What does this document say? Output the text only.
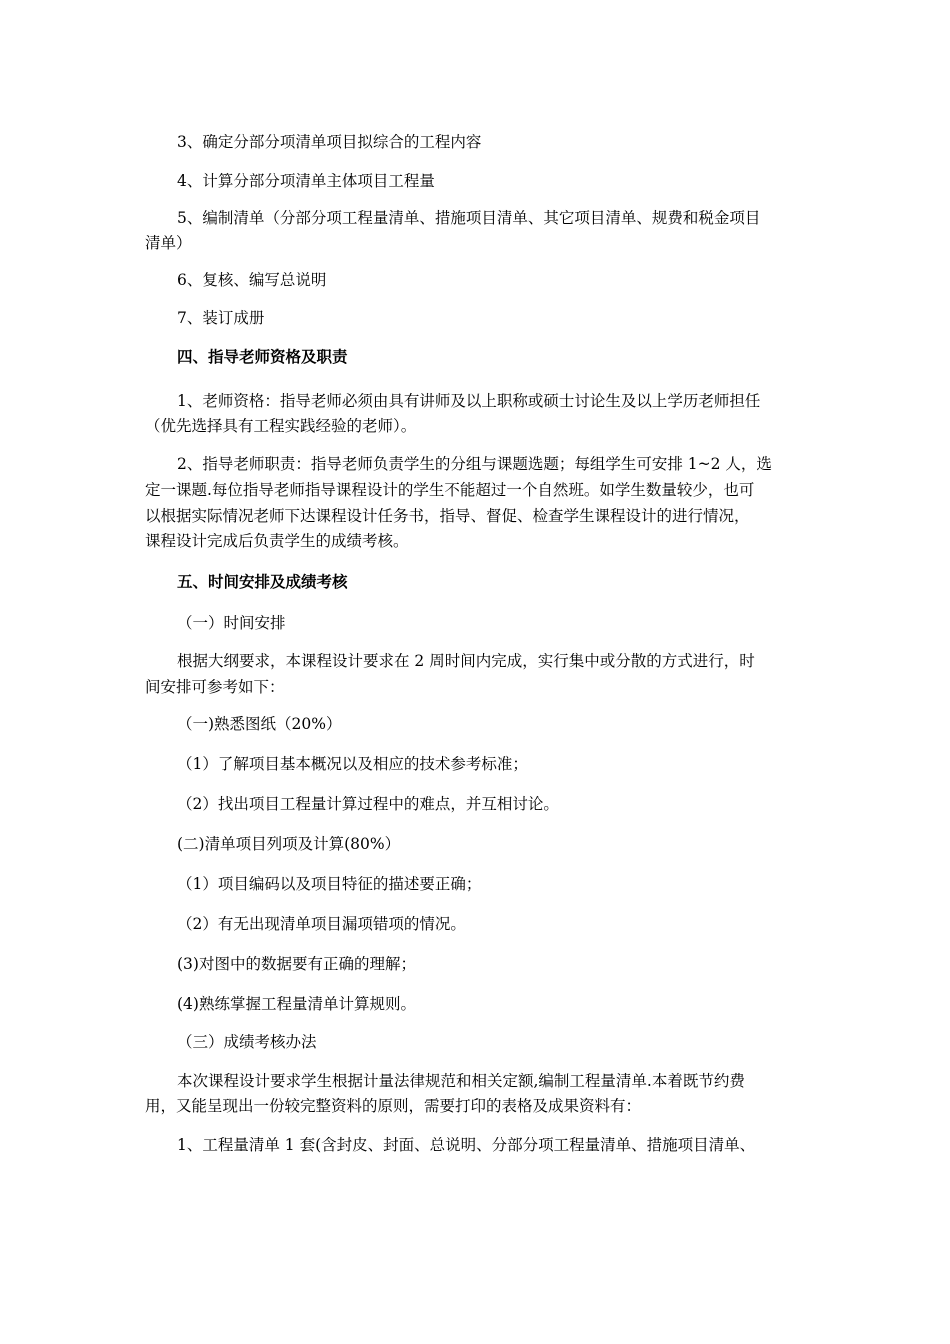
3、确定分部分项清单项目拟综合的工程内容
4、计算分部分项清单主体项目工程量
5、编制清单（分部分项工程量清单、措施项目清单、其它项目清单、规费和税金项目
清单）
6、复核、编写总说明
7、装订成册
四、指导老师资格及职责
1、老师资格：指导老师必须由具有讲师及以上职称或硕士讨论生及以上学历老师担任
（优先选择具有工程实践经验的老师）。
2、指导老师职责：指导老师负责学生的分组与课题选题；每组学生可安排 1~2 人，选
定一课题.每位指导老师指导课程设计的学生不能超过一个自然班。如学生数量较少，也可
以根据实际情况老师下达课程设计任务书，指导、督促、检查学生课程设计的进行情况，
课程设计完成后负责学生的成绩考核。
五、时间安排及成绩考核
（一）时间安排
根据大纲要求，本课程设计要求在 2 周时间内完成，实行集中或分散的方式进行，时
间安排可参考如下：
（一)熟悉图纸（20%）
（1）了解项目基本概况以及相应的技术参考标准；
（2）找出项目工程量计算过程中的难点，并互相讨论。
(二)清单项目列项及计算(80%）
（1）项目编码以及项目特征的描述要正确；
（2）有无出现清单项目漏项错项的情况。
(3)对图中的数据要有正确的理解；
(4)熟练掌握工程量清单计算规则。
（三）成绩考核办法
本次课程设计要求学生根据计量法律规范和相关定额,编制工程量清单.本着既节约费
用，又能呈现出一份较完整资料的原则，需要打印的表格及成果资料有：
1、工程量清单 1 套(含封皮、封面、总说明、分部分项工程量清单、措施项目清单、
